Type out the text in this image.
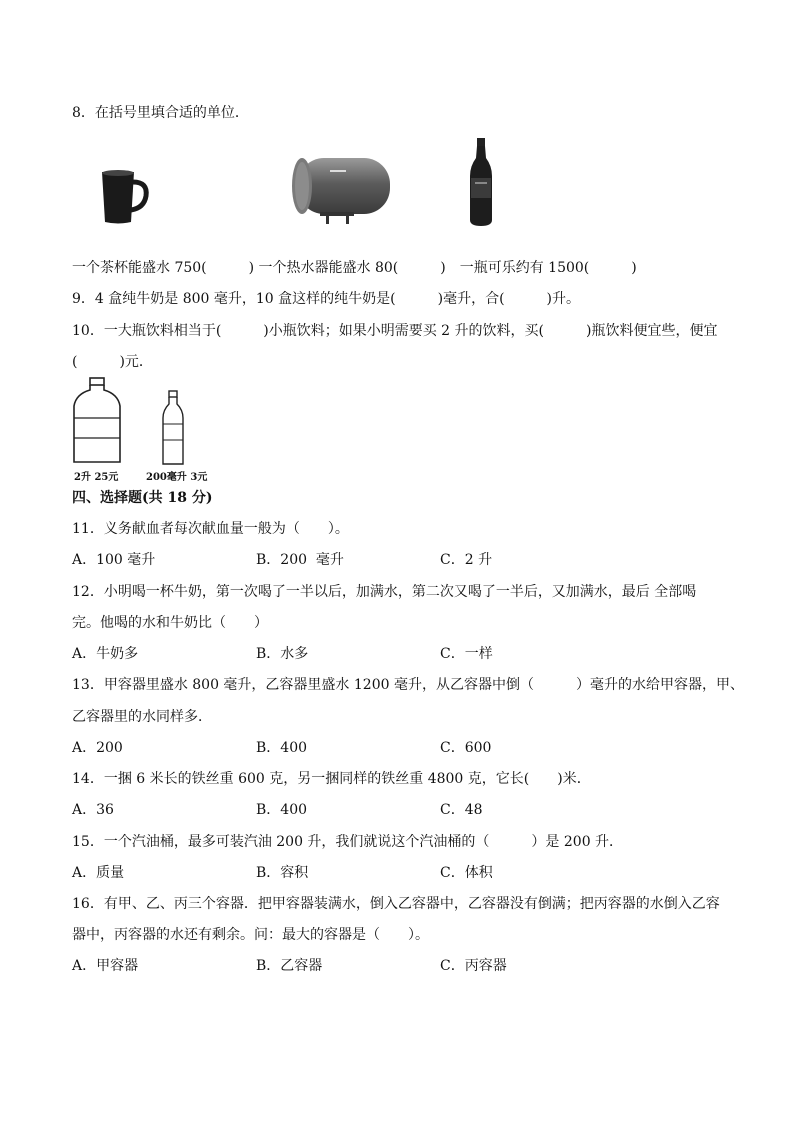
8．在括号里填合适的单位．
一个茶杯能盛水 750(　　　) 一个热水器能盛水 80(　　　)　一瓶可乐约有 1500(　　　)
9．4 盒纯牛奶是 800 毫升，10 盒这样的纯牛奶是(　　　)毫升，合(　　　)升。
10．一大瓶饮料相当于(　　　)小瓶饮料；如果小明需要买 2 升的饮料，买(　　　)瓶饮料便宜些，便宜
(　　　)元．
2升 25元	200毫升 3元
四、选择题(共 18 分)
11．义务献血者每次献血量一般为（　　）。
A．100 毫升	B．200  毫升	C．2 升
12．小明喝一杯牛奶，第一次喝了一半以后，加满水，第二次又喝了一半后，又加满水，最后 全部喝
完。他喝的水和牛奶比（　　）
A．牛奶多	B．水多	C．一样
13．甲容器里盛水 800 毫升，乙容器里盛水 1200 毫升，从乙容器中倒（　　　）毫升的水给甲容器，甲、
乙容器里的水同样多．
A．200	B．400	C．600
14．一捆 6 米长的铁丝重 600 克，另一捆同样的铁丝重 4800 克，它长(　　)米．
A．36	B．400	C．48
15．一个汽油桶，最多可装汽油 200 升，我们就说这个汽油桶的（　　　）是 200 升．
A．质量	B．容积	C．体积
16．有甲、乙、丙三个容器．把甲容器装满水，倒入乙容器中，乙容器没有倒满；把丙容器的水倒入乙容
器中，丙容器的水还有剩余。问：最大的容器是（　　）。
A．甲容器	B．乙容器	C．丙容器
